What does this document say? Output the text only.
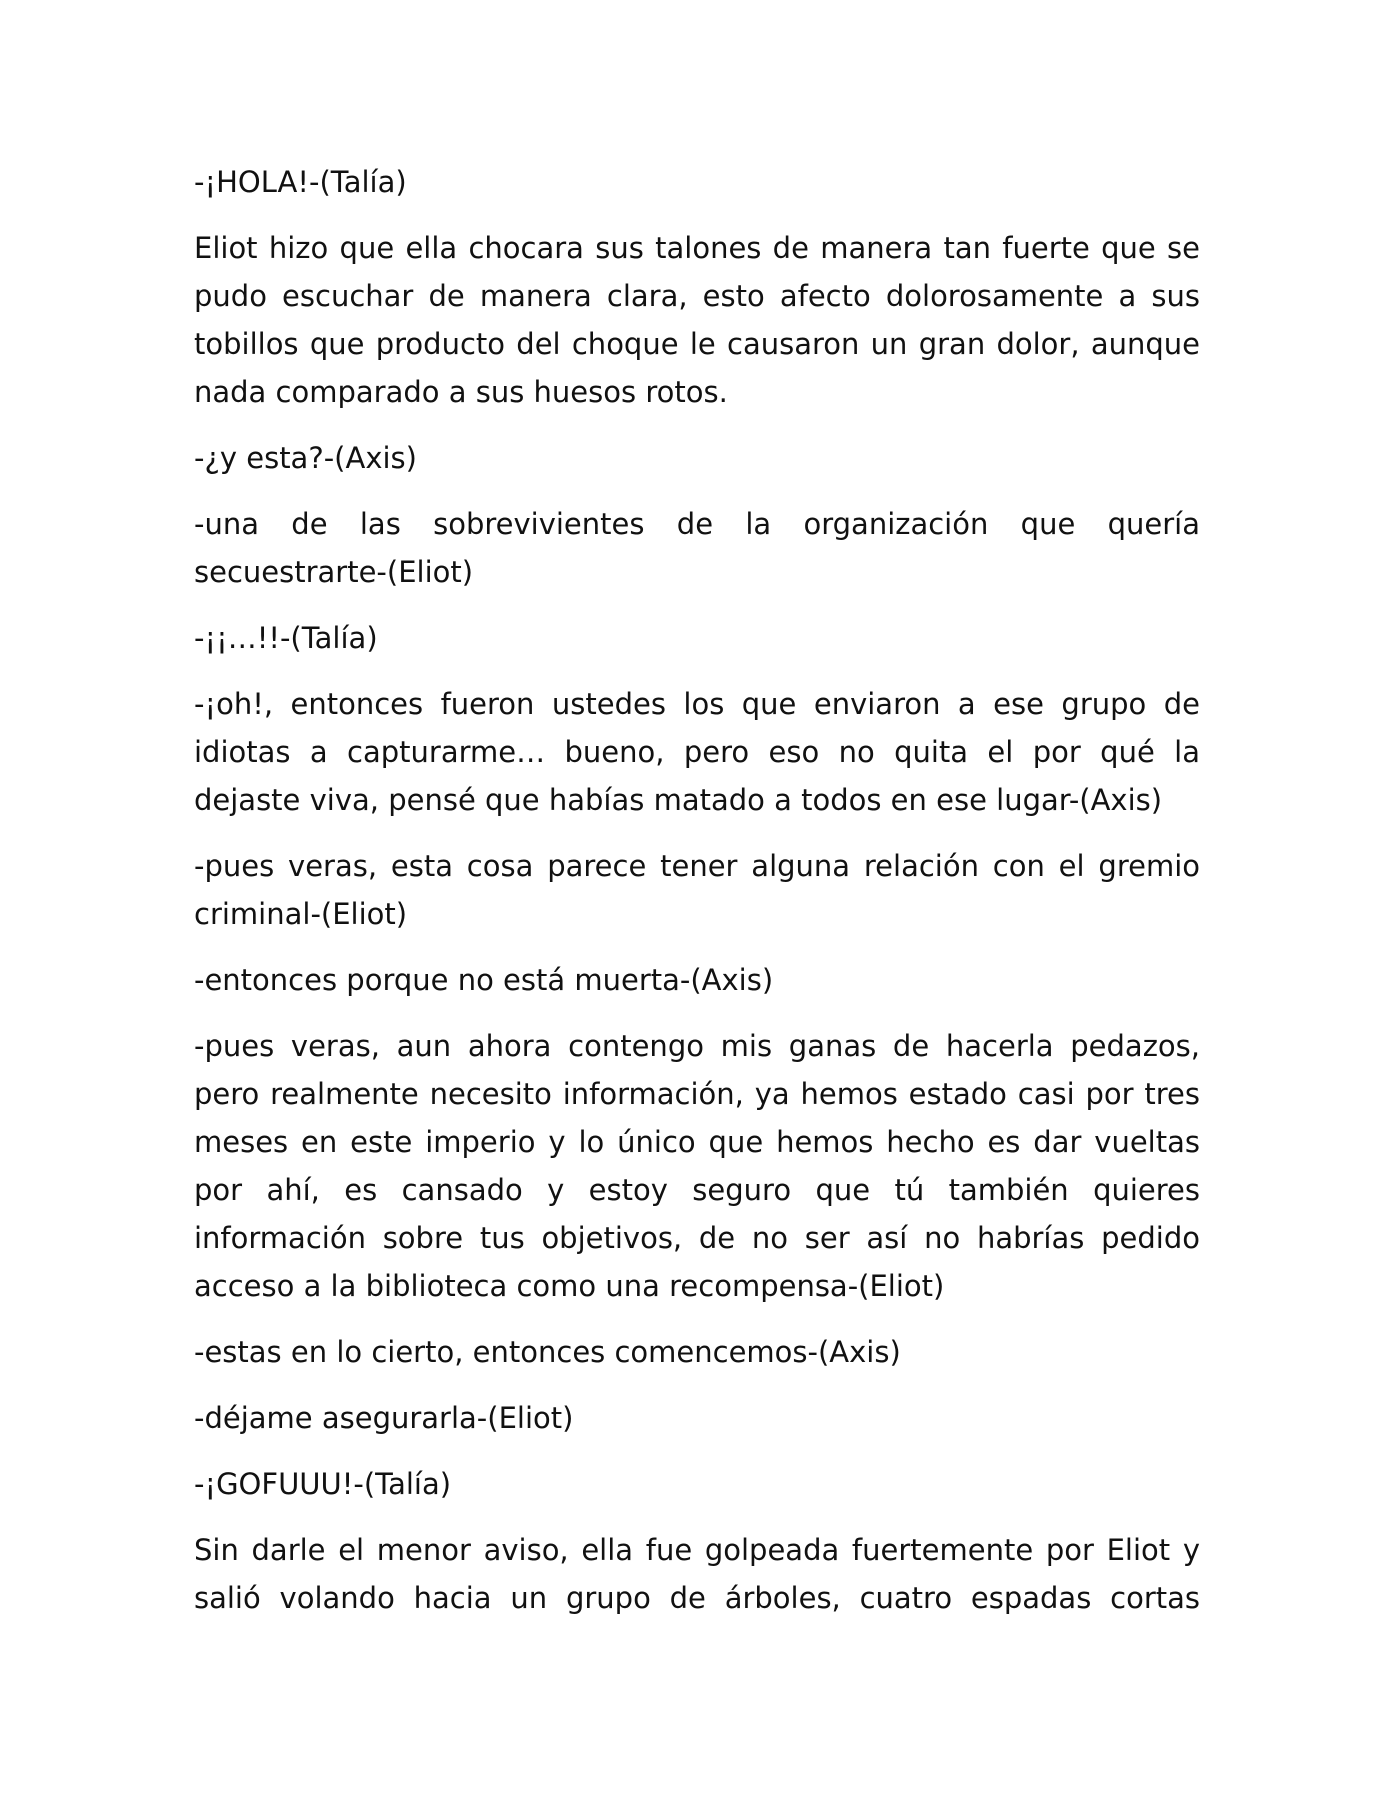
-¡HOLA!-(Talía)

Eliot hizo que ella chocara sus talones de manera tan fuerte que se pudo escuchar de manera clara, esto afecto dolorosamente a sus tobillos que producto del choque le causaron un gran dolor, aunque nada comparado a sus huesos rotos.

-¿y esta?-(Axis)

-una de las sobrevivientes de la organización que quería secuestrarte-(Eliot)

-¡¡…!!-(Talía)

-¡oh!, entonces fueron ustedes los que enviaron a ese grupo de idiotas a capturarme… bueno, pero eso no quita el por qué la dejaste viva, pensé que habías matado a todos en ese lugar-(Axis)

-pues veras, esta cosa parece tener alguna relación con el gremio criminal-(Eliot)

-entonces porque no está muerta-(Axis)

-pues veras, aun ahora contengo mis ganas de hacerla pedazos, pero realmente necesito información, ya hemos estado casi por tres meses en este imperio y lo único que hemos hecho es dar vueltas por ahí, es cansado y estoy seguro que tú también quieres información sobre tus objetivos, de no ser así no habrías pedido acceso a la biblioteca como una recompensa-(Eliot)

-estas en lo cierto, entonces comencemos-(Axis)

-déjame asegurarla-(Eliot)

-¡GOFUUU!-(Talía)

Sin darle el menor aviso, ella fue golpeada fuertemente por Eliot y salió volando hacia un grupo de árboles, cuatro espadas cortas
